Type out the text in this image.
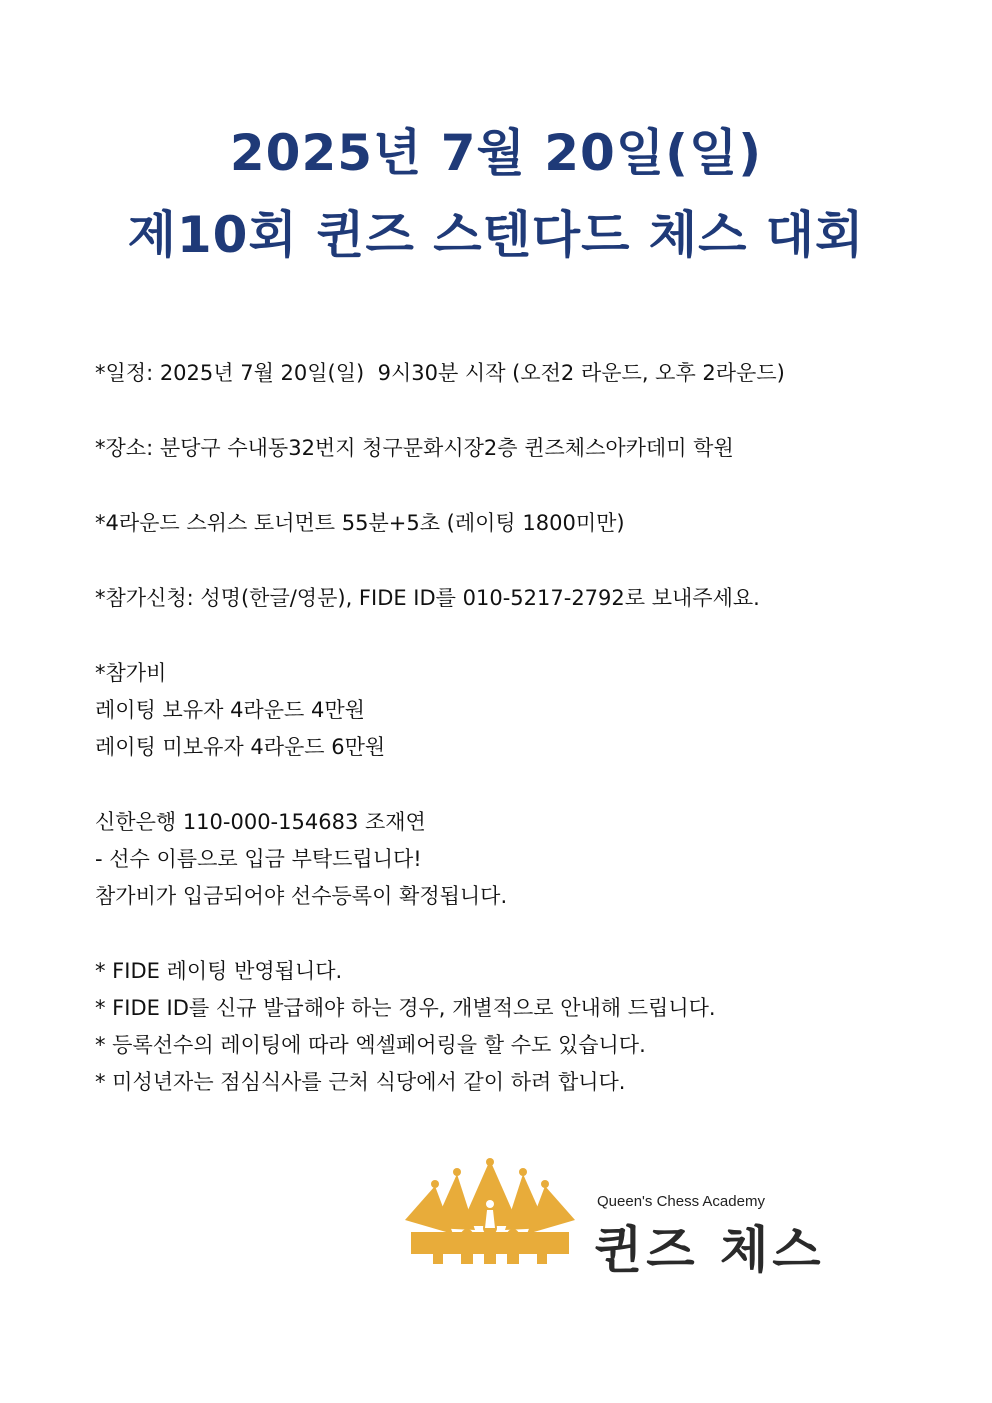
2025년 7월 20일(일)
제10회 퀸즈 스텐다드 체스 대회
*일정: 2025년 7월 20일(일)  9시30분 시작 (오전2 라운드, 오후 2라운드)
*장소: 분당구 수내동32번지 청구문화시장2층 퀸즈체스아카데미 학원
*4라운드 스위스 토너먼트 55분+5초 (레이팅 1800미만)
*참가신청: 성명(한글/영문), FIDE ID를 010-5217-2792로 보내주세요.
*참가비
레이팅 보유자 4라운드 4만원
레이팅 미보유자 4라운드 6만원
신한은행 110-000-154683 조재연
- 선수 이름으로 입금 부탁드립니다!
참가비가 입금되어야 선수등록이 확정됩니다.
* FIDE 레이팅 반영됩니다.
* FIDE ID를 신규 발급해야 하는 경우, 개별적으로 안내해 드립니다.
* 등록선수의 레이팅에 따라 엑셀페어링을 할 수도 있습니다.
* 미성년자는 점심식사를 근처 식당에서 같이 하려 합니다.
Queen's Chess Academy
퀸즈 체스
